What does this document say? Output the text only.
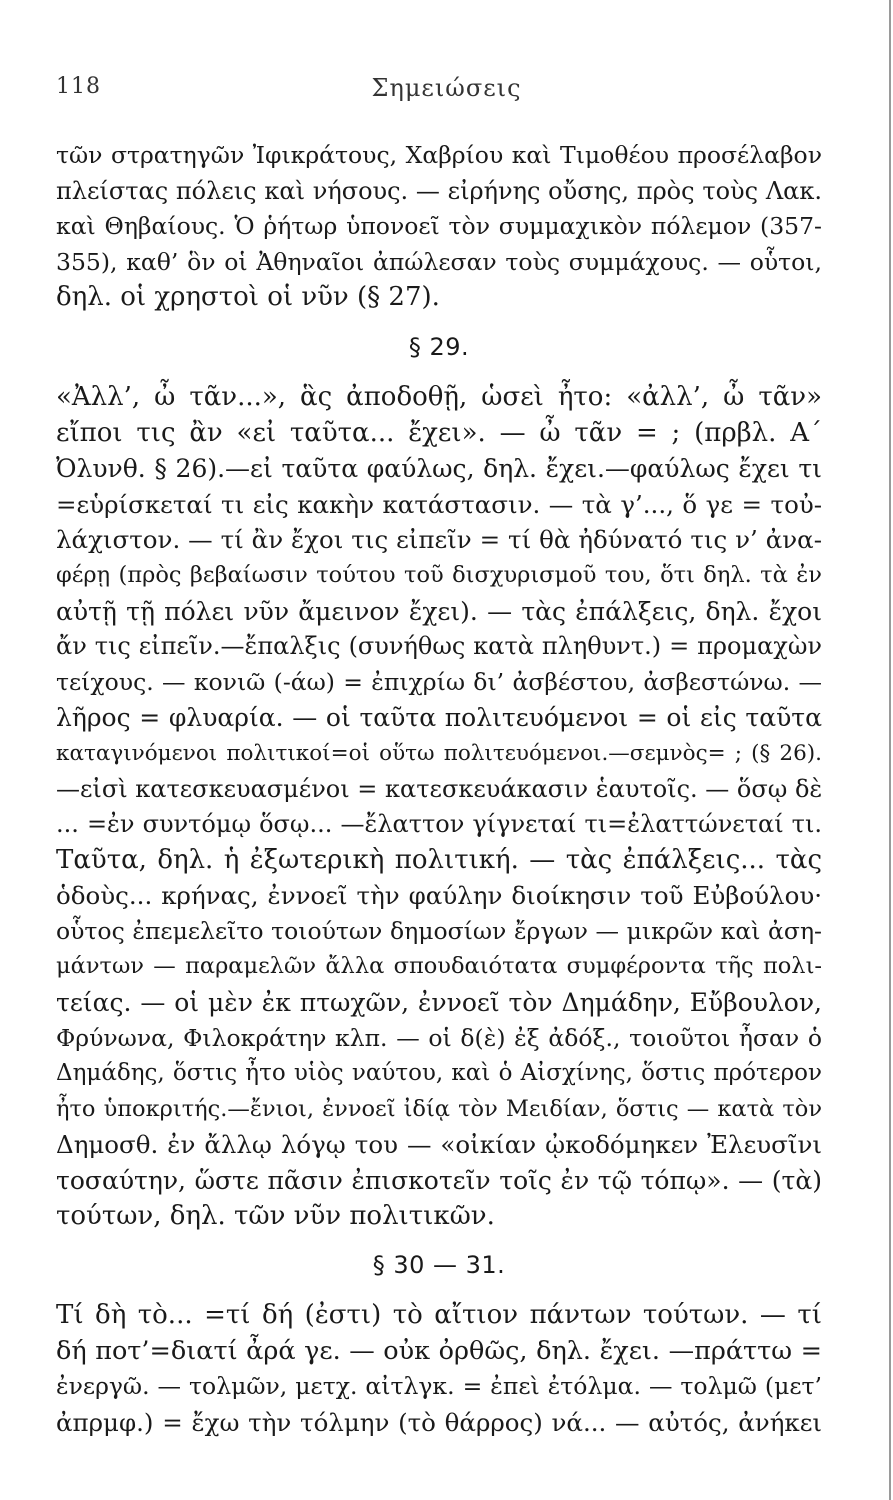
118	Σημειώσεις
τῶν στρατηγῶν Ἰφικράτους, Χαβρίου καὶ Τιμοθέου προσέλαβον
πλείστας πόλεις καὶ νήσους. — εἰρήνης οὔσης, πρὸς τοὺς Λακ.
καὶ Θηβαίους. Ὁ ῥήτωρ ὑπονοεῖ τὸν συμμαχικὸν πόλεμον (357-
355), καθ’ ὃν οἱ Ἀθηναῖοι ἀπώλεσαν τοὺς συμμάχους. — οὗτοι,
δηλ. οἱ χρηστοὶ οἱ νῦν (§ 27).
§ 29.
«Ἀλλ’, ὦ τᾶν...», ἃς ἀποδοθῇ, ὡσεὶ ἦτο: «ἀλλ’, ὦ τᾶν»
εἴποι τις ἂν «εἰ ταῦτα... ἔχει». — ὦ τᾶν = ; (πρβλ. Α΄
Ὀλυνθ. § 26).—εἰ ταῦτα φαύλως, δηλ. ἔχει.—φαύλως ἔχει τι
=εὑρίσκεταί τι εἰς κακὴν κατάστασιν. — τὰ γ’..., ὅ γε = τοὐ-
λάχιστον. — τί ἂν ἔχοι τις εἰπεῖν = τί θὰ ἠδύνατό τις ν’ ἀνα-
φέρῃ (πρὸς βεβαίωσιν τούτου τοῦ δισχυρισμοῦ του, ὅτι δηλ. τὰ ἐν
αὐτῇ τῇ πόλει νῦν ἄμεινον ἔχει). — τὰς ἐπάλξεις, δηλ. ἔχοι
ἄν τις εἰπεῖν.—ἔπαλξις (συνήθως κατὰ πληθυντ.) = προμαχὼν
τείχους. — κονιῶ (-άω) = ἐπιχρίω δι’ ἀσβέστου, ἀσβεστώνω. —
λῆρος = φλυαρία. — οἱ ταῦτα πολιτευόμενοι = οἱ εἰς ταῦτα
καταγινόμενοι πολιτικοί=οἱ οὕτω πολιτευόμενοι.—σεμνὸς= ; (§ 26).
—εἰσὶ κατεσκευασμένοι = κατεσκευάκασιν ἑαυτοῖς. — ὅσῳ δὲ
... =ἐν συντόμῳ ὅσῳ... —ἔλαττον γίγνεταί τι=ἐλαττώνεταί τι.
Ταῦτα, δηλ. ἡ ἐξωτερικὴ πολιτική. — τὰς ἐπάλξεις... τὰς
ὁδοὺς... κρήνας, ἐννοεῖ τὴν φαύλην διοίκησιν τοῦ Εὐβούλου·
οὗτος ἐπεμελεῖτο τοιούτων δημοσίων ἔργων — μικρῶν καὶ ἀση-
μάντων — παραμελῶν ἄλλα σπουδαιότατα συμφέροντα τῆς πολι-
τείας. — οἱ μὲν ἐκ πτωχῶν, ἐννοεῖ τὸν Δημάδην, Εὔβουλον,
Φρύνωνα, Φιλοκράτην κλπ. — οἱ δ(ὲ) ἐξ ἀδόξ., τοιοῦτοι ἦσαν ὁ
Δημάδης, ὅστις ἦτο υἱὸς ναύτου, καὶ ὁ Αἰσχίνης, ὅστις πρότερον
ἦτο ὑποκριτής.—ἔνιοι, ἐννοεῖ ἰδίᾳ τὸν Μειδίαν, ὅστις — κατὰ τὸν
Δημοσθ. ἐν ἄλλῳ λόγῳ του — «οἰκίαν ᾠκοδόμηκεν Ἐλευσῖνι
τοσαύτην, ὥστε πᾶσιν ἐπισκοτεῖν τοῖς ἐν τῷ τόπῳ». — (τὰ)
τούτων, δηλ. τῶν νῦν πολιτικῶν.
§ 30 — 31.
Τί δὴ τὸ... =τί δή (ἐστι) τὸ αἴτιον πάντων τούτων. — τί
δή ποτ’=διατί ἆρά γε. — οὐκ ὀρθῶς, δηλ. ἔχει. —πράττω =
ἐνεργῶ. — τολμῶν, μετχ. αἰτλγκ. = ἐπεὶ ἐτόλμα. — τολμῶ (μετ’
ἀπρμφ.) = ἔχω τὴν τόλμην (τὸ θάρρος) νά... — αὐτός, ἀνήκει
